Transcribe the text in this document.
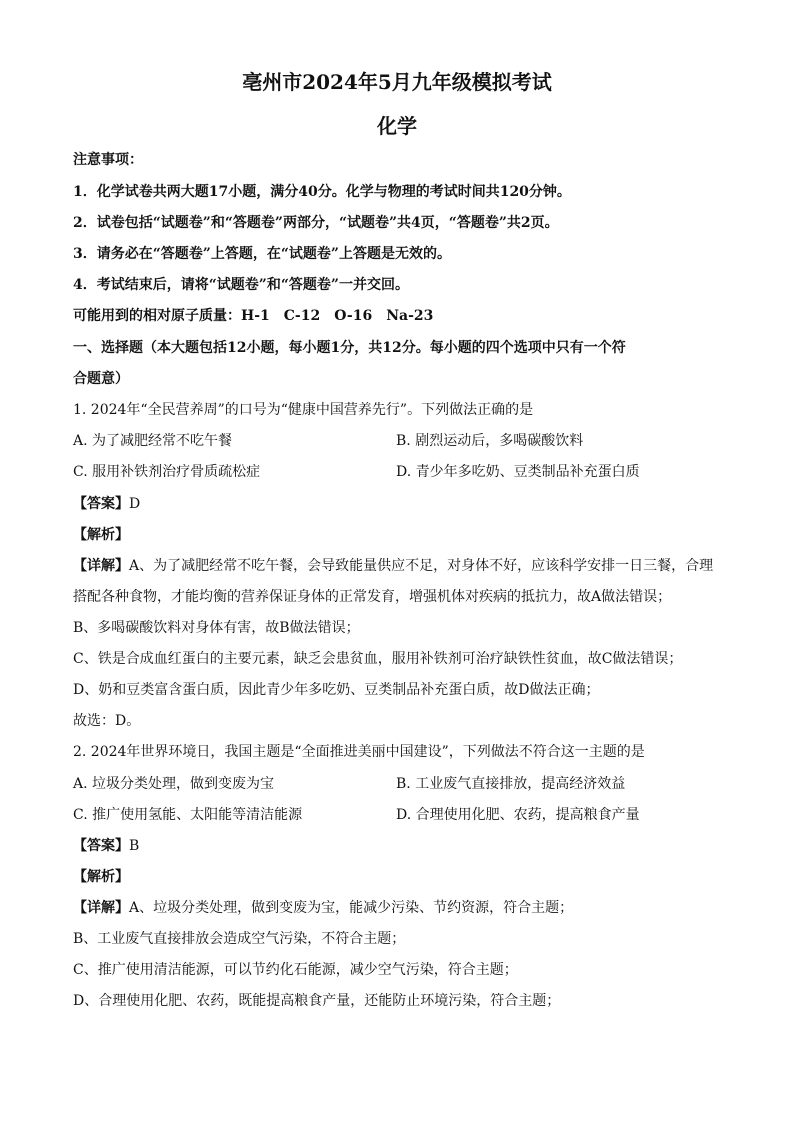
亳州市2024年5月九年级模拟考试
化学
注意事项：
1．化学试卷共两大题17小题，满分40分。化学与物理的考试时间共120分钟。
2．试卷包括“试题卷”和“答题卷”两部分，“试题卷”共4页，“答题卷”共2页。
3．请务必在“答题卷”上答题，在“试题卷”上答题是无效的。
4．考试结束后，请将“试题卷”和“答题卷”一并交回。
可能用到的相对原子质量：H-1　C-12　O-16　Na-23
一、选择题（本大题包括12小题，每小题1分，共12分。每小题的四个选项中只有一个符
合题意）
1. 2024年“全民营养周”的口号为“健康中国营养先行”。下列做法正确的是
A. 为了减肥经常不吃午餐	B. 剧烈运动后，多喝碳酸饮料
C. 服用补铁剂治疗骨质疏松症	D. 青少年多吃奶、豆类制品补充蛋白质
【答案】D
【解析】
【详解】A、为了减肥经常不吃午餐，会导致能量供应不足，对身体不好，应该科学安排一日三餐，合理
搭配各种食物，才能均衡的营养保证身体的正常发育，增强机体对疾病的抵抗力，故A做法错误；
B、多喝碳酸饮料对身体有害，故B做法错误；
C、铁是合成血红蛋白的主要元素，缺乏会患贫血，服用补铁剂可治疗缺铁性贫血，故C做法错误；
D、奶和豆类富含蛋白质，因此青少年多吃奶、豆类制品补充蛋白质，故D做法正确；
故选：D。
2. 2024年世界环境日，我国主题是“全面推进美丽中国建设”，下列做法不符合这一主题的是
A. 垃圾分类处理，做到变废为宝	B. 工业废气直接排放，提高经济效益
C. 推广使用氢能、太阳能等清洁能源	D. 合理使用化肥、农药，提高粮食产量
【答案】B
【解析】
【详解】A、垃圾分类处理，做到变废为宝，能减少污染、节约资源，符合主题；
B、工业废气直接排放会造成空气污染，不符合主题；
C、推广使用清洁能源，可以节约化石能源，减少空气污染，符合主题；
D、合理使用化肥、农药，既能提高粮食产量，还能防止环境污染，符合主题；
